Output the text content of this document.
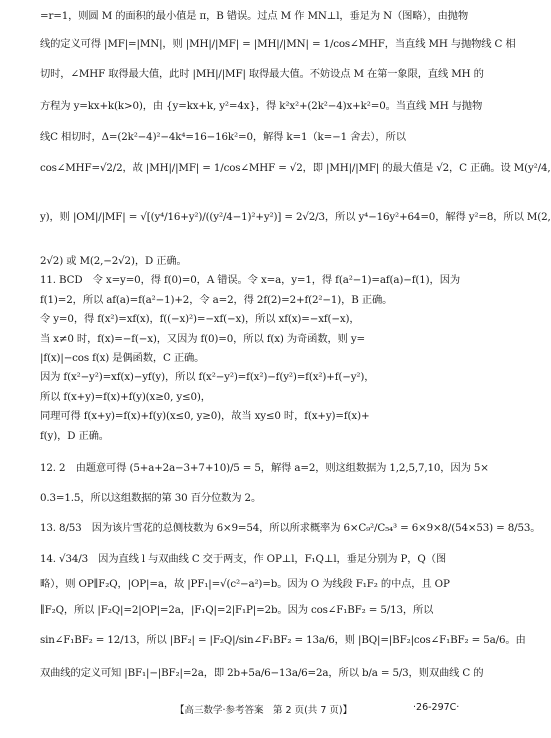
=r=1，则圆 M 的面积的最小值是 π，B 错误。过点 M 作 MN⊥l，垂足为 N（图略），由抛物
线的定义可得 |MF|=|MN|，则 |MH|/|MF| = |MH|/|MN| = 1/cos∠MHF，当直线 MH 与抛物线 C 相
切时，∠MHF 取得最大值，此时 |MH|/|MF| 取得最大值。不妨设点 M 在第一象限，直线 MH 的
方程为 y=kx+k(k>0)，由 {y=kx+k, y²=4x}，得 k²x²+(2k²−4)x+k²=0。当直线 MH 与抛物
线C 相切时，Δ=(2k²−4)²−4k⁴=16−16k²=0，解得 k=1（k=−1 舍去），所以
cos∠MHF=√2/2，故 |MH|/|MF| = 1/cos∠MHF = √2，即 |MH|/|MF| 的最大值是 √2，C 正确。设 M(y²/4,
y)，则 |OM|/|MF| = √[(y⁴/16+y²)/((y²/4−1)²+y²)] = 2√2/3，所以 y⁴−16y²+64=0，解得 y²=8，所以 M(2,
2√2) 或 M(2,−2√2)，D 正确。
11. BCD　令 x=y=0，得 f(0)=0，A 错误。令 x=a，y=1，得 f(a²−1)=af(a)−f(1)，因为
f(1)=2，所以 af(a)=f(a²−1)+2，令 a=2，得 2f(2)=2+f(2²−1)，B 正确。
令 y=0，得 f(x²)=xf(x)，f((−x)²)=−xf(−x)，所以 xf(x)=−xf(−x)，
当 x≠0 时，f(x)=−f(−x)，又因为 f(0)=0，所以 f(x) 为奇函数，则 y=
|f(x)|−cos f(x) 是偶函数，C 正确。
因为 f(x²−y²)=xf(x)−yf(y)，所以 f(x²−y²)=f(x²)−f(y²)=f(x²)+f(−y²)，
所以 f(x+y)=f(x)+f(y)(x≥0, y≤0)，
同理可得 f(x+y)=f(x)+f(y)(x≤0, y≥0)，故当 xy≤0 时，f(x+y)=f(x)+
f(y)，D 正确。
12. 2　由题意可得 (5+a+2a−3+7+10)/5 = 5，解得 a=2，则这组数据为 1,2,5,7,10，因为 5×
0.3=1.5，所以这组数据的第 30 百分位数为 2。
13. 8/53　因为该片雪花的总侧枝数为 6×9=54，所以所求概率为 6×C₉²/C₅₄³ = 6×9×8/(54×53) = 8/53。
14. √34/3　因为直线 l 与双曲线 C 交于两支，作 OP⊥l，F₁Q⊥l，垂足分别为 P，Q（图
略），则 OP∥F₂Q，|OP|=a，故 |PF₁|=√(c²−a²)=b。因为 O 为线段 F₁F₂ 的中点，且 OP
∥F₂Q，所以 |F₂Q|=2|OP|=2a，|F₁Q|=2|F₁P|=2b。因为 cos∠F₁BF₂ = 5/13，所以
sin∠F₁BF₂ = 12/13，所以 |BF₂| = |F₂Q|/sin∠F₁BF₂ = 13a/6，则 |BQ|=|BF₂|cos∠F₁BF₂ = 5a/6。由
双曲线的定义可知 |BF₁|−|BF₂|=2a，即 2b+5a/6−13a/6=2a，所以 b/a = 5/3，则双曲线 C 的
【高三数学·参考答案　第 2 页(共 7 页)】	·26-297C·
